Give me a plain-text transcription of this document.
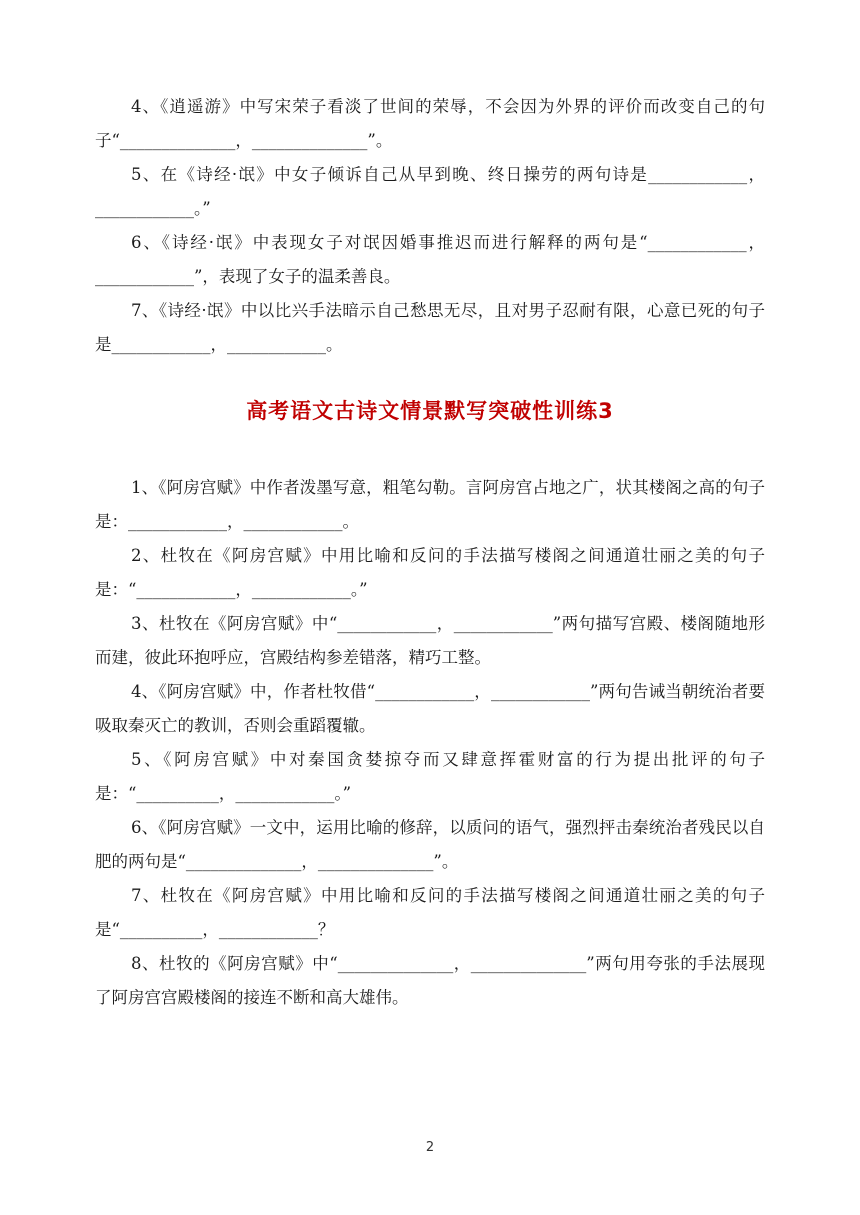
4、《逍遥游》中写宋荣子看淡了世间的荣辱，不会因为外界的评价而改变自己的句子“______________，______________”。

5、在《诗经·氓》中女子倾诉自己从早到晚、终日操劳的两句诗是____________，____________。”

6、《诗经·氓》中表现女子对氓因婚事推迟而进行解释的两句是“____________，____________”，表现了女子的温柔善良。

7、《诗经·氓》中以比兴手法暗示自己愁思无尽，且对男子忍耐有限，心意已死的句子是____________，____________。

高考语文古诗文情景默写突破性训练3

1、《阿房宫赋》中作者泼墨写意，粗笔勾勒。言阿房宫占地之广，状其楼阁之高的句子是：____________，____________。

2、杜牧在《阿房宫赋》中用比喻和反问的手法描写楼阁之间通道壮丽之美的句子是：“____________，____________。”

3、杜牧在《阿房宫赋》中“____________，____________”两句描写宫殿、楼阁随地形而建，彼此环抱呼应，宫殿结构参差错落，精巧工整。

4、《阿房宫赋》中，作者杜牧借“____________，____________”两句告诫当朝统治者要吸取秦灭亡的教训，否则会重蹈覆辙。

5、《阿房宫赋》中对秦国贪婪掠夺而又肆意挥霍财富的行为提出批评的句子是：“__________，____________。”

6、《阿房宫赋》一文中，运用比喻的修辞，以质问的语气，强烈抨击秦统治者残民以自肥的两句是“______________，______________”。

7、杜牧在《阿房宫赋》中用比喻和反问的手法描写楼阁之间通道壮丽之美的句子是“__________，____________？

8、杜牧的《阿房宫赋》中“______________，______________”两句用夸张的手法展现了阿房宫宫殿楼阁的接连不断和高大雄伟。

2
